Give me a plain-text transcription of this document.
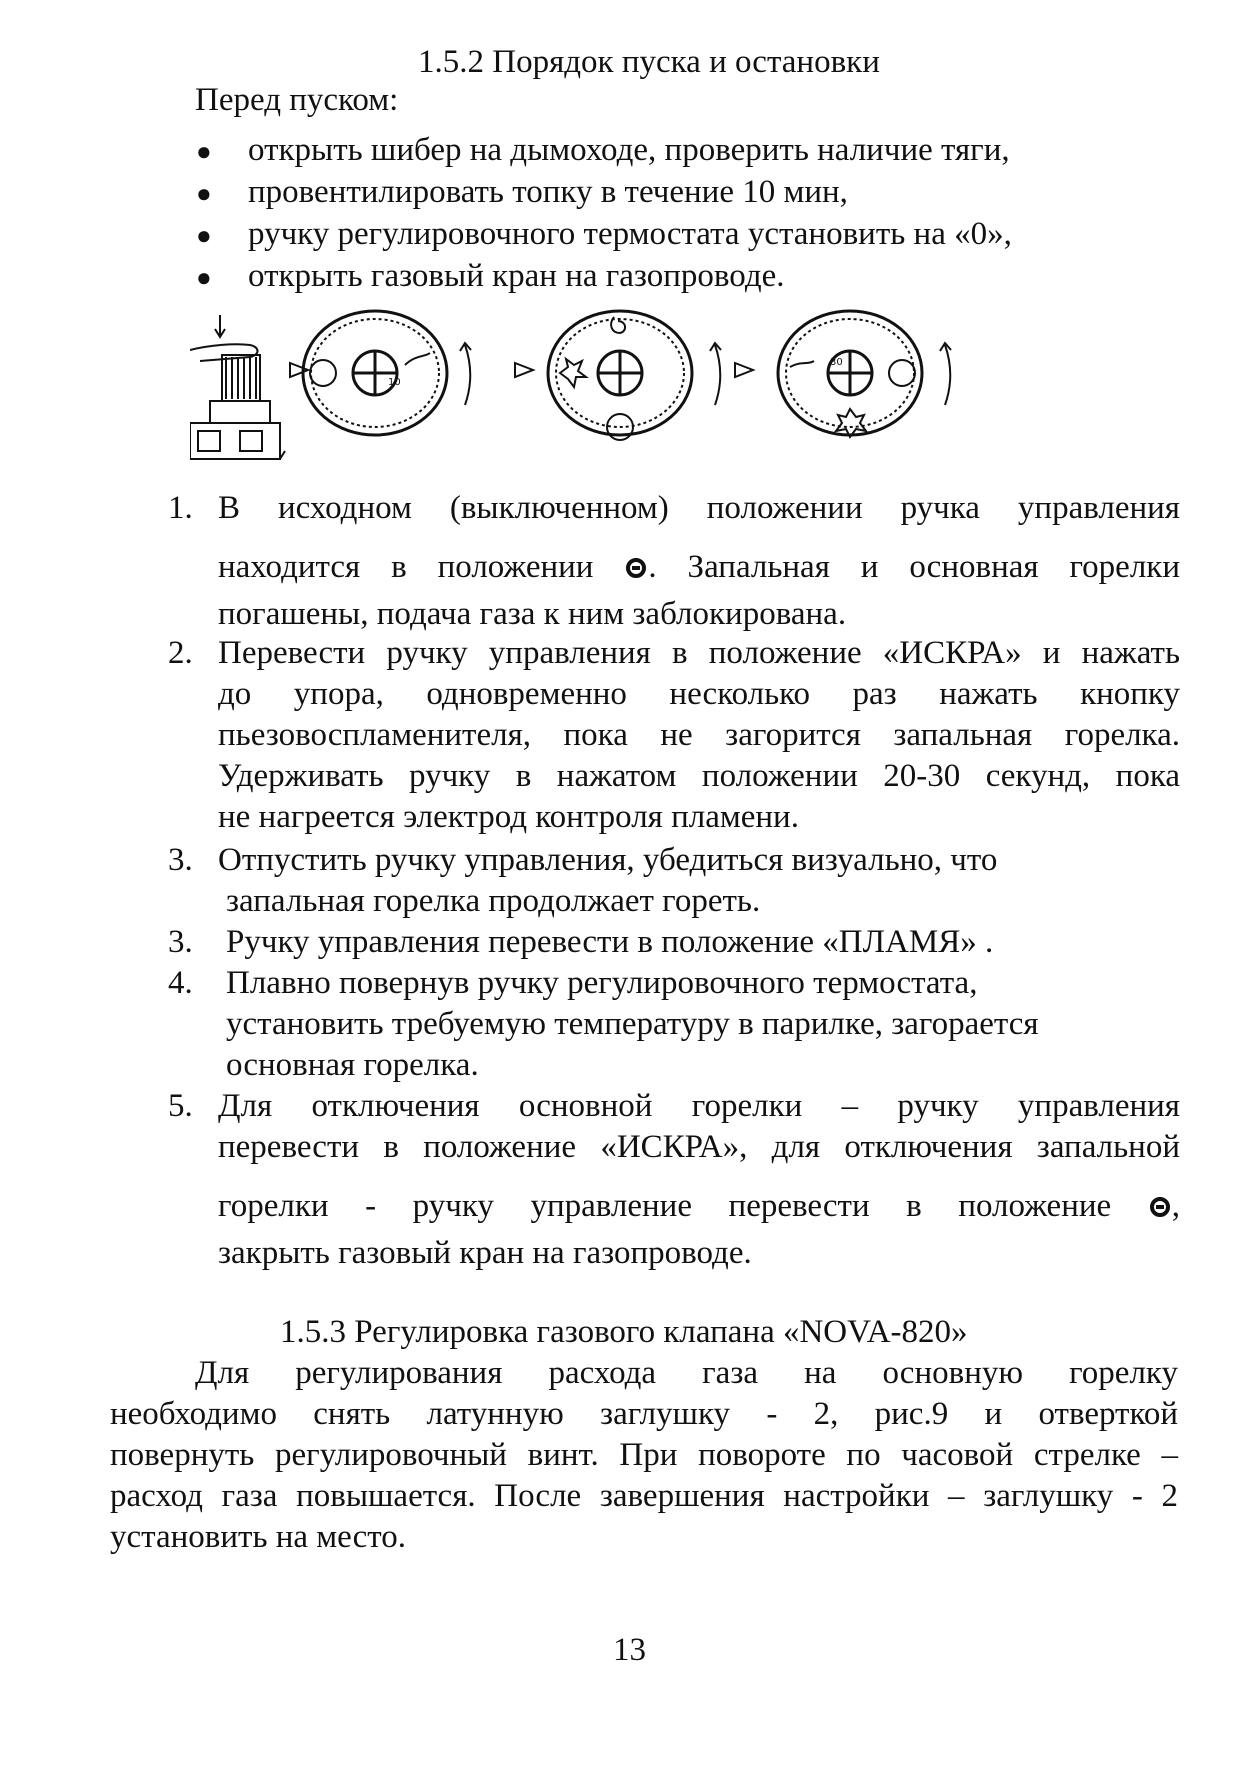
1.5.2 Порядок пуска и остановки
Перед пуском:
● открыть шибер на дымоходе, проверить наличие тяги,
● провентилировать топку в течение 10 мин,
● ручку регулировочного термостата установить на «0»,
● открыть газовый кран на газопроводе.
10
30
1. В исходном (выключенном) положении ручка управления
находится в положении . Запальная и основная горелки
погашены, подача газа к ним заблокирована.
2. Перевести ручку управления в положение «ИСКРА» и нажать
до упора, одновременно несколько раз нажать кнопку
пьезовоспламенителя, пока не загорится запальная горелка.
Удерживать ручку в нажатом положении 20-30 секунд, пока
не нагреется электрод контроля пламени.
3. Отпустить ручку управления, убедиться визуально, что
запальная горелка продолжает гореть.
3. Ручку управления перевести в положение «ПЛАМЯ» .
4. Плавно повернув ручку регулировочного термостата,
установить требуемую температуру в парилке, загорается
основная горелка.
5. Для отключения основной горелки – ручку управления
перевести в положение «ИСКРА», для отключения запальной
горелки - ручку управление перевести в положение ,
закрыть газовый кран на газопроводе.
1.5.3 Регулировка газового клапана «NOVA-820»
Для регулирования расхода газа на основную горелку
необходимо снять латунную заглушку - 2, рис.9 и отверткой
повернуть регулировочный винт. При повороте по часовой стрелке –
расход газа повышается. После завершения настройки – заглушку - 2
установить на место.
13
